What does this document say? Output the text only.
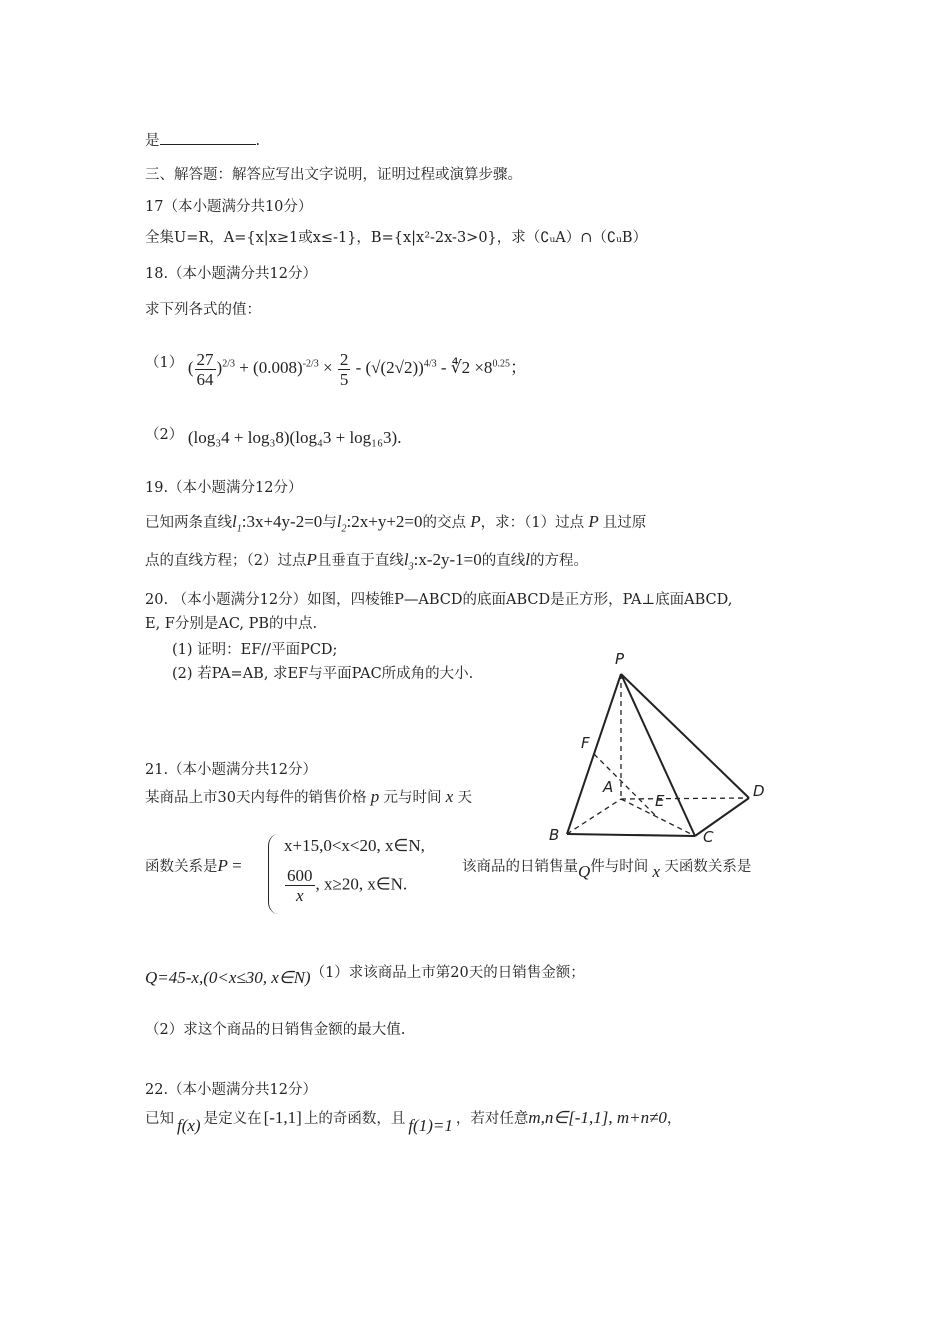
是	.
三、解答题：解答应写出文字说明，证明过程或演算步骤。
17（本小题满分共10分）
全集U=R，A={x|x≥1或x≤-1}，B={x|x²-2x-3>0}，求（∁ᵤA）∩（∁ᵤB）
18.（本小题满分共12分）
求下列各式的值：
（1） ( $\frac{27}{64} )^{2/3} + (0.008)^{-2/3} \times \frac{2}{5} - (√(2√2))^{4/3}$ - ∜2 $\times 8^{0.25}$；
（2） (log₃4 + log₃8)(log₄3 + log₁₆3).
19.（本小题满分12分）
已知两条直线$l_1:3x+4y-2=0$与$l_2:2x+y+2=0$的交点 P，求：（1）过点 P 且过原
点的直线方程；（2）过点P且垂直于直线$l_3:x-2y-1=0$的直线l的方程。
20. （本小题满分12分）如图，四棱锥P—ABCD的底面ABCD是正方形，PA⊥底面ABCD,
E, F分别是AC, PB的中点.
(1) 证明：EF//平面PCD;
(2) 若PA=AB, 求EF与平面PAC所成角的大小.
P
F
A
E
D
B	C
21.（本小题满分共12分）
某商品上市30天内每件的销售价格 p 元与时间 x 天
函数关系是P =
x+15,0<x<20, x∈N,
$\frac{600}{x}$ , x≥20, x∈N.
该商品的日销售量Q件与时间 x 天函数关系是
Q=45-x,(0<x≤30, x∈N)（1）求该商品上市第20天的日销售金额；
（2）求这个商品的日销售金额的最大值.
22.（本小题满分共12分）
已知 f(x) 是定义在 [-1,1] 上的奇函数，且 f(1)=1 ，若对任意m,n∈[-1,1], m+n≠0，
